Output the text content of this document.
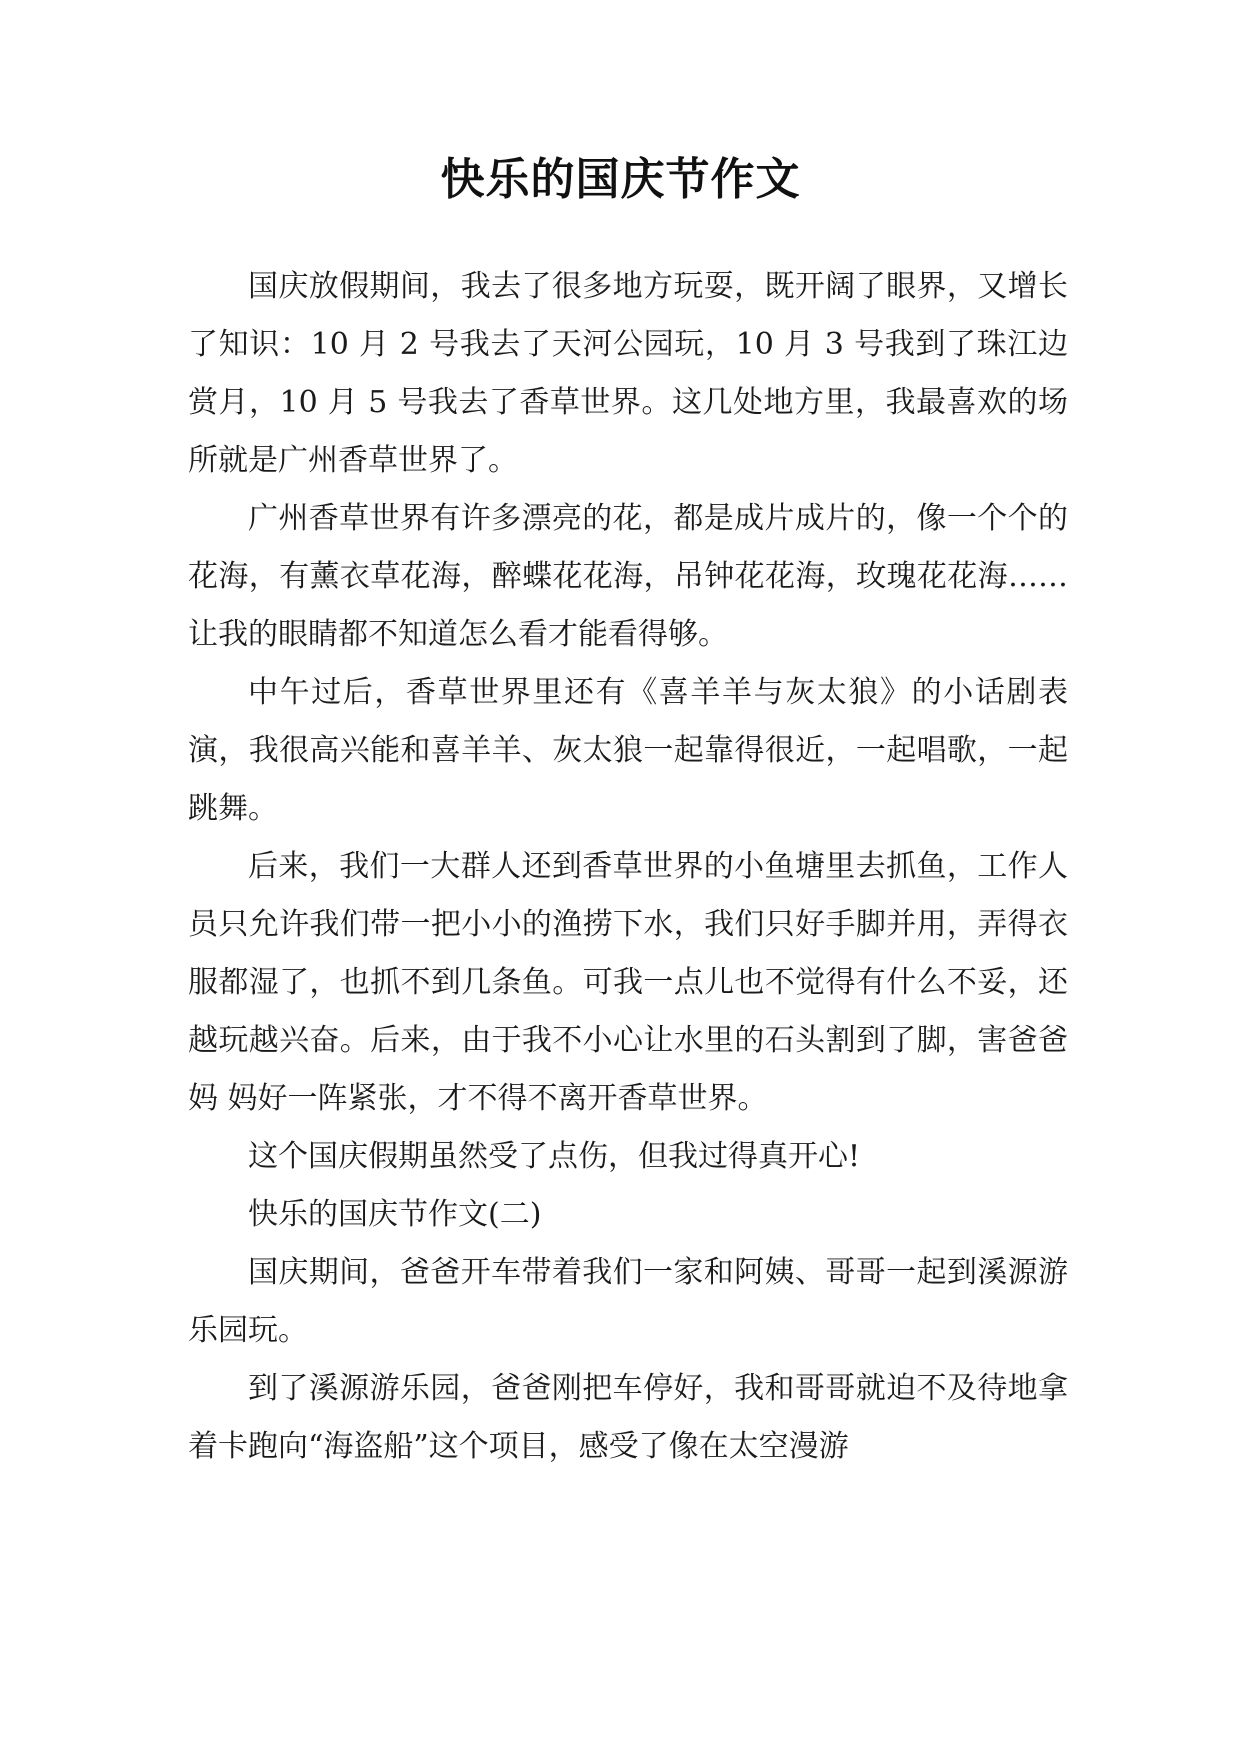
快乐的国庆节作文

国庆放假期间，我去了很多地方玩耍，既开阔了眼界，又增长了知识：10 月 2 号我去了天河公园玩，10 月 3 号我到了珠江边赏月，10 月 5 号我去了香草世界。这几处地方里，我最喜欢的场所就是广州香草世界了。

广州香草世界有许多漂亮的花，都是成片成片的，像一个个的花海，有薰衣草花海，醉蝶花花海，吊钟花花海，玫瑰花花海……让我的眼睛都不知道怎么看才能看得够。

中午过后，香草世界里还有《喜羊羊与灰太狼》的小话剧表演，我很高兴能和喜羊羊、灰太狼一起靠得很近，一起唱歌，一起跳舞。

后来，我们一大群人还到香草世界的小鱼塘里去抓鱼，工作人员只允许我们带一把小小的渔捞下水，我们只好手脚并用，弄得衣服都湿了，也抓不到几条鱼。可我一点儿也不觉得有什么不妥，还越玩越兴奋。后来，由于我不小心让水里的石头割到了脚，害爸爸妈 妈好一阵紧张，才不得不离开香草世界。

这个国庆假期虽然受了点伤，但我过得真开心!

快乐的国庆节作文(二)

国庆期间，爸爸开车带着我们一家和阿姨、哥哥一起到溪源游乐园玩。

到了溪源游乐园，爸爸刚把车停好，我和哥哥就迫不及待地拿着卡跑向“海盗船”这个项目，感受了像在太空漫游
